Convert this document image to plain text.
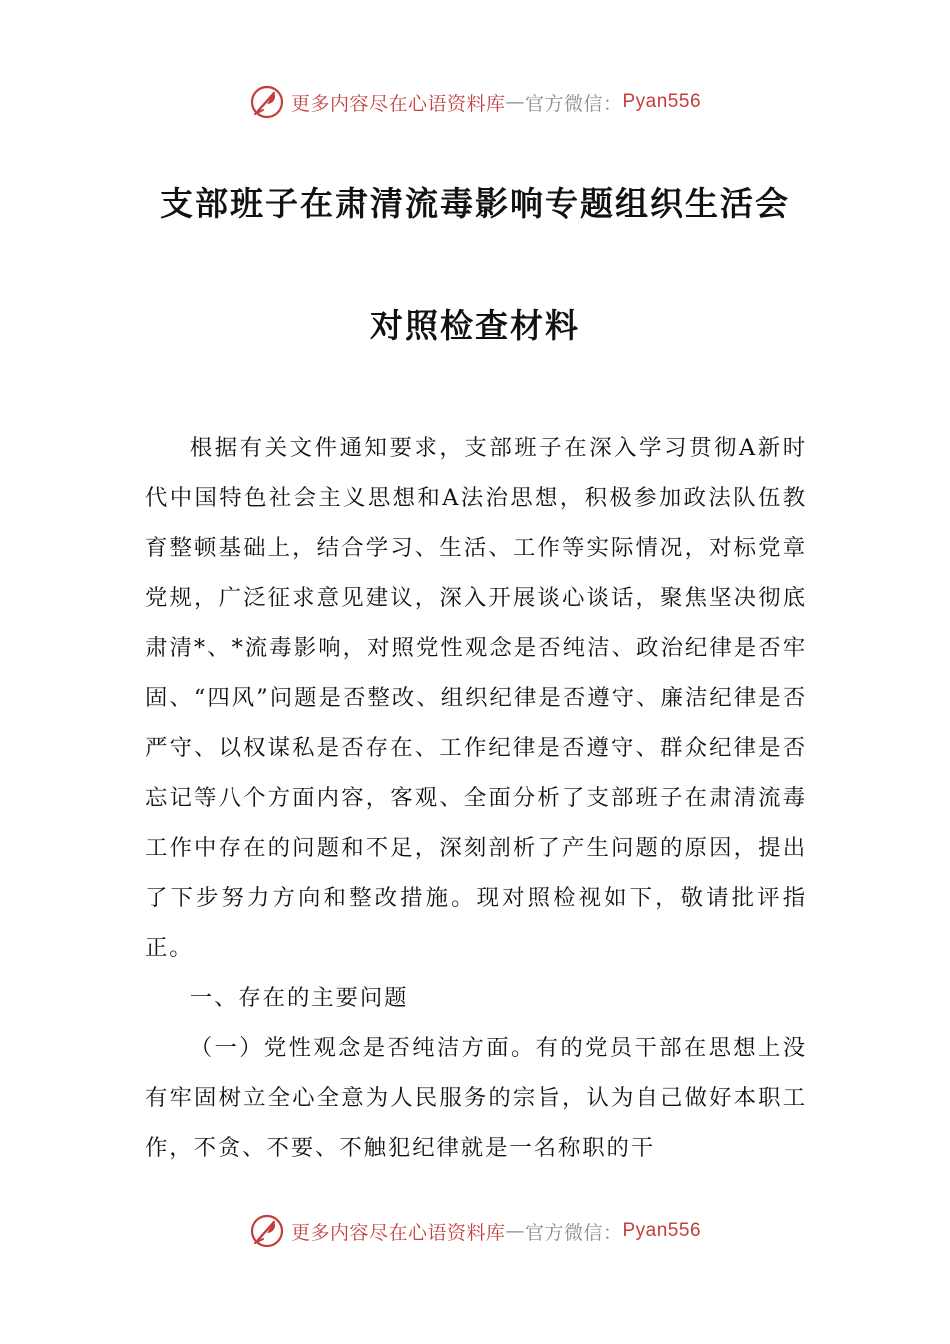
更多内容尽在心语资料库 — 官方微信： Pyan556
支部班子在肃清流毒影响专题组织生活会
对照检查材料

根据有关文件通知要求，支部班子在深入学习贯彻A新时代中国特色社会主义思想和A法治思想，积极参加政法队伍教育整顿基础上，结合学习、生活、工作等实际情况，对标党章党规，广泛征求意见建议，深入开展谈心谈话，聚焦坚决彻底肃清*、*流毒影响，对照党性观念是否纯洁、政治纪律是否牢固、“四风”问题是否整改、组织纪律是否遵守、廉洁纪律是否严守、以权谋私是否存在、工作纪律是否遵守、群众纪律是否忘记等八个方面内容，客观、全面分析了支部班子在肃清流毒工作中存在的问题和不足，深刻剖析了产生问题的原因，提出了下步努力方向和整改措施。现对照检视如下，敬请批评指正。

一、存在的主要问题

（一）党性观念是否纯洁方面。有的党员干部在思想上没有牢固树立全心全意为人民服务的宗旨，认为自己做好本职工作，不贪、不要、不触犯纪律就是一名称职的干

更多内容尽在心语资料库 — 官方微信： Pyan556
